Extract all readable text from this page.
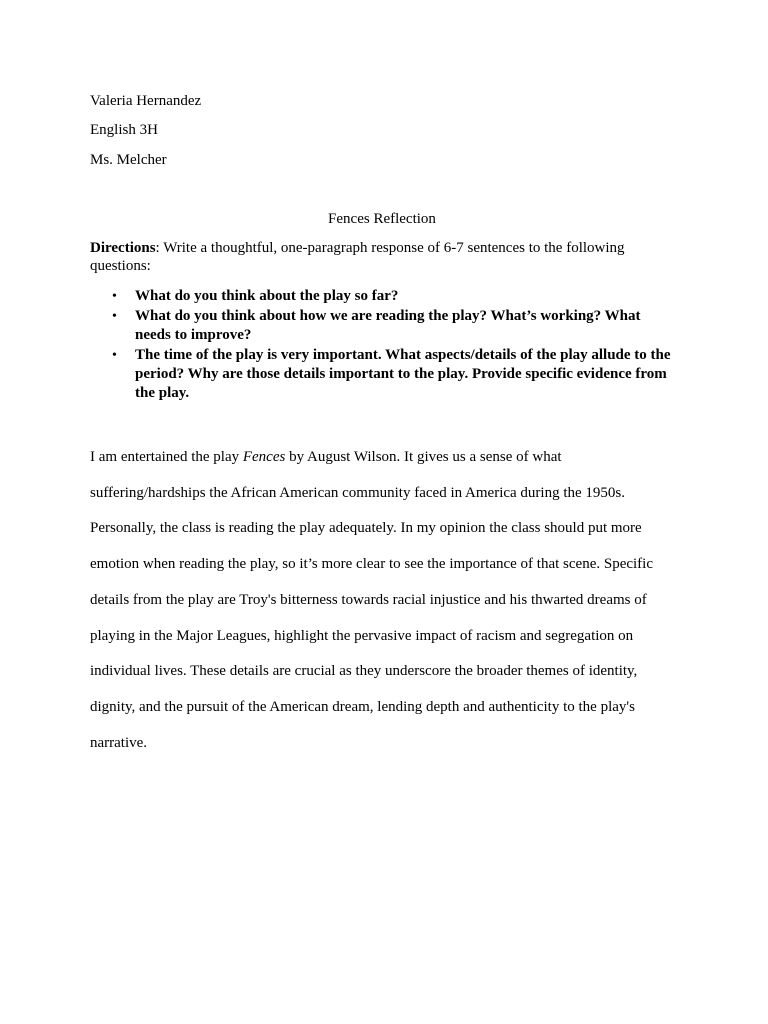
Valeria Hernandez

English 3H

Ms. Melcher

Fences Reflection

Directions: Write a thoughtful, one-paragraph response of 6-7 sentences to the following questions:

• What do you think about the play so far?
• What do you think about how we are reading the play? What’s working? What needs to improve?
• The time of the play is very important. What aspects/details of the play allude to the period? Why are those details important to the play. Provide specific evidence from the play.

I am entertained the play Fences by August Wilson. It gives us a sense of what suffering/hardships the African American community faced in America during the 1950s. Personally, the class is reading the play adequately. In my opinion the class should put more emotion when reading the play, so it’s more clear to see the importance of that scene. Specific details from the play are Troy's bitterness towards racial injustice and his thwarted dreams of playing in the Major Leagues, highlight the pervasive impact of racism and segregation on individual lives. These details are crucial as they underscore the broader themes of identity, dignity, and the pursuit of the American dream, lending depth and authenticity to the play's narrative.
